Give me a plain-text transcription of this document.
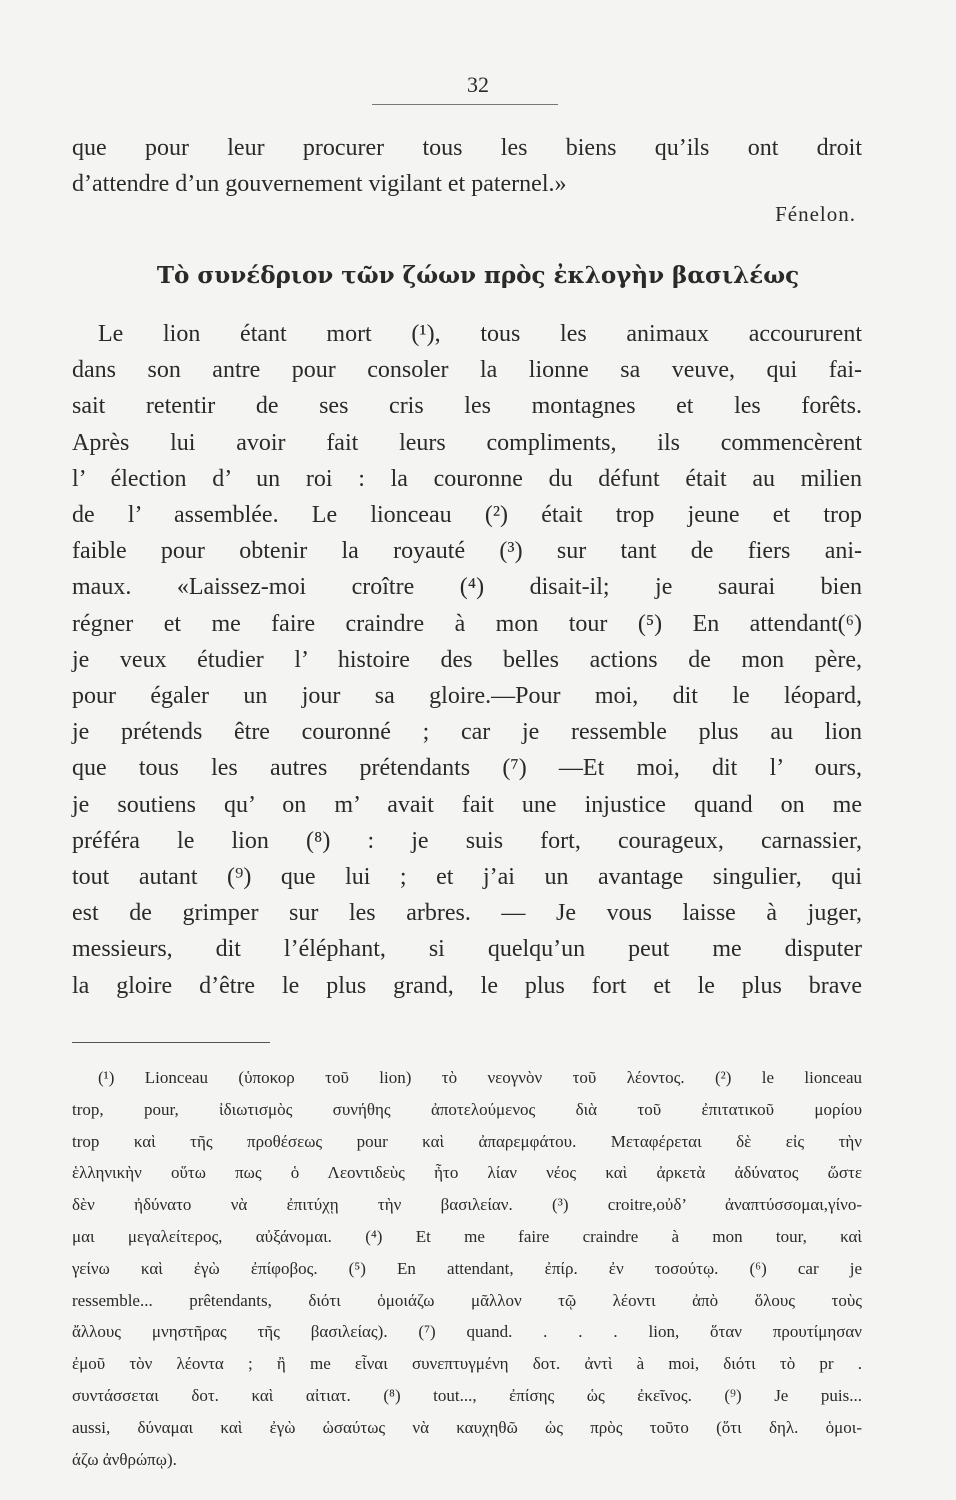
32
que pour leur procurer tous les biens qu’ils ont droit
d’attendre d’un gouvernement vigilant et paternel.»
Fénelon.
Τὸ συνέδριον τῶν ζώων πρὸς ἐκλογὴν βασιλέως
Le lion étant mort (¹), tous les animaux accoururent
dans son antre pour consoler la lionne sa veuve, qui fai-
sait retentir de ses cris les montagnes et les forêts.
Après lui avoir fait leurs compliments, ils commencèrent
l’ élection d’ un roi : la couronne du défunt était au milien
de l’ assemblée. Le lionceau (²) était trop jeune et trop
faible pour obtenir la royauté (³) sur tant de fiers ani-
maux. «Laissez-moi croître (⁴) disait-il; je saurai bien
régner et me faire craindre à mon tour (⁵) En attendant(⁶)
je veux étudier l’ histoire des belles actions de mon père,
pour égaler un jour sa gloire.—Pour moi, dit le léopard,
je prétends être couronné ; car je ressemble plus au lion
que tous les autres prétendants (⁷) —Et moi, dit l’ ours,
je soutiens qu’ on m’ avait fait une injustice quand on me
préféra le lion (⁸) : je suis fort, courageux, carnassier,
tout autant (⁹) que lui ; et j’ai un avantage singulier, qui
est de grimper sur les arbres. — Je vous laisse à juger,
messieurs, dit l’éléphant, si quelqu’un peut me disputer
la gloire d’être le plus grand, le plus fort et le plus brave
(¹) Lionceau (ὑποκορ τοῦ lion) τὸ νεογνὸν τοῦ λέοντος. (²) le lionceau
trop, pour, ἰδιωτισμὸς συνήθης ἀποτελούμενος διὰ τοῦ ἐπιτατικοῦ μορίου
trop καὶ τῆς προθέσεως pour καὶ ἀπαρεμφάτου. Μεταφέρεται δὲ εἰς τὴν
ἑλληνικὴν οὕτω πως ὁ Λεοντιδεὺς ἦτο λίαν νέος καὶ ἀρκετὰ ἀδύνατος ὥστε
δὲν ἠδύνατο νὰ ἐπιτύχῃ τὴν βασιλείαν. (³) croitre,οὐδ’ ἀναπτύσσομαι,γίνο-
μαι μεγαλείτερος, αὐξάνομαι. (⁴) Et me faire craindre à mon tour, καὶ
γείνω καὶ ἐγὼ ἐπίφοβος. (⁵) En attendant, ἐπίρ. ἐν τοσούτῳ. (⁶) car je
ressemble... prêtendants, διότι ὁμοιάζω μᾶλλον τῷ λέοντι ἀπὸ ὅλους τοὺς
ἄλλους μνηστῆρας τῆς βασιλείας). (⁷) quand. . . . lion, ὅταν προυτίμησαν
ἐμοῦ τὸν λέοντα ; ἢ me εἶναι συνεπτυγμένη δοτ. ἀντὶ à moi, διότι τὸ pr .
συντάσσεται δοτ. καὶ αἰτιατ. (⁸) tout..., ἐπίσης ὡς ἐκεῖνος. (⁹) Je puis...
aussi, δύναμαι καὶ ἐγὼ ὡσαύτως νὰ καυχηθῶ ὡς πρὸς τοῦτο (ὅτι δηλ. ὁμοι-
άζω ἀνθρώπῳ).
